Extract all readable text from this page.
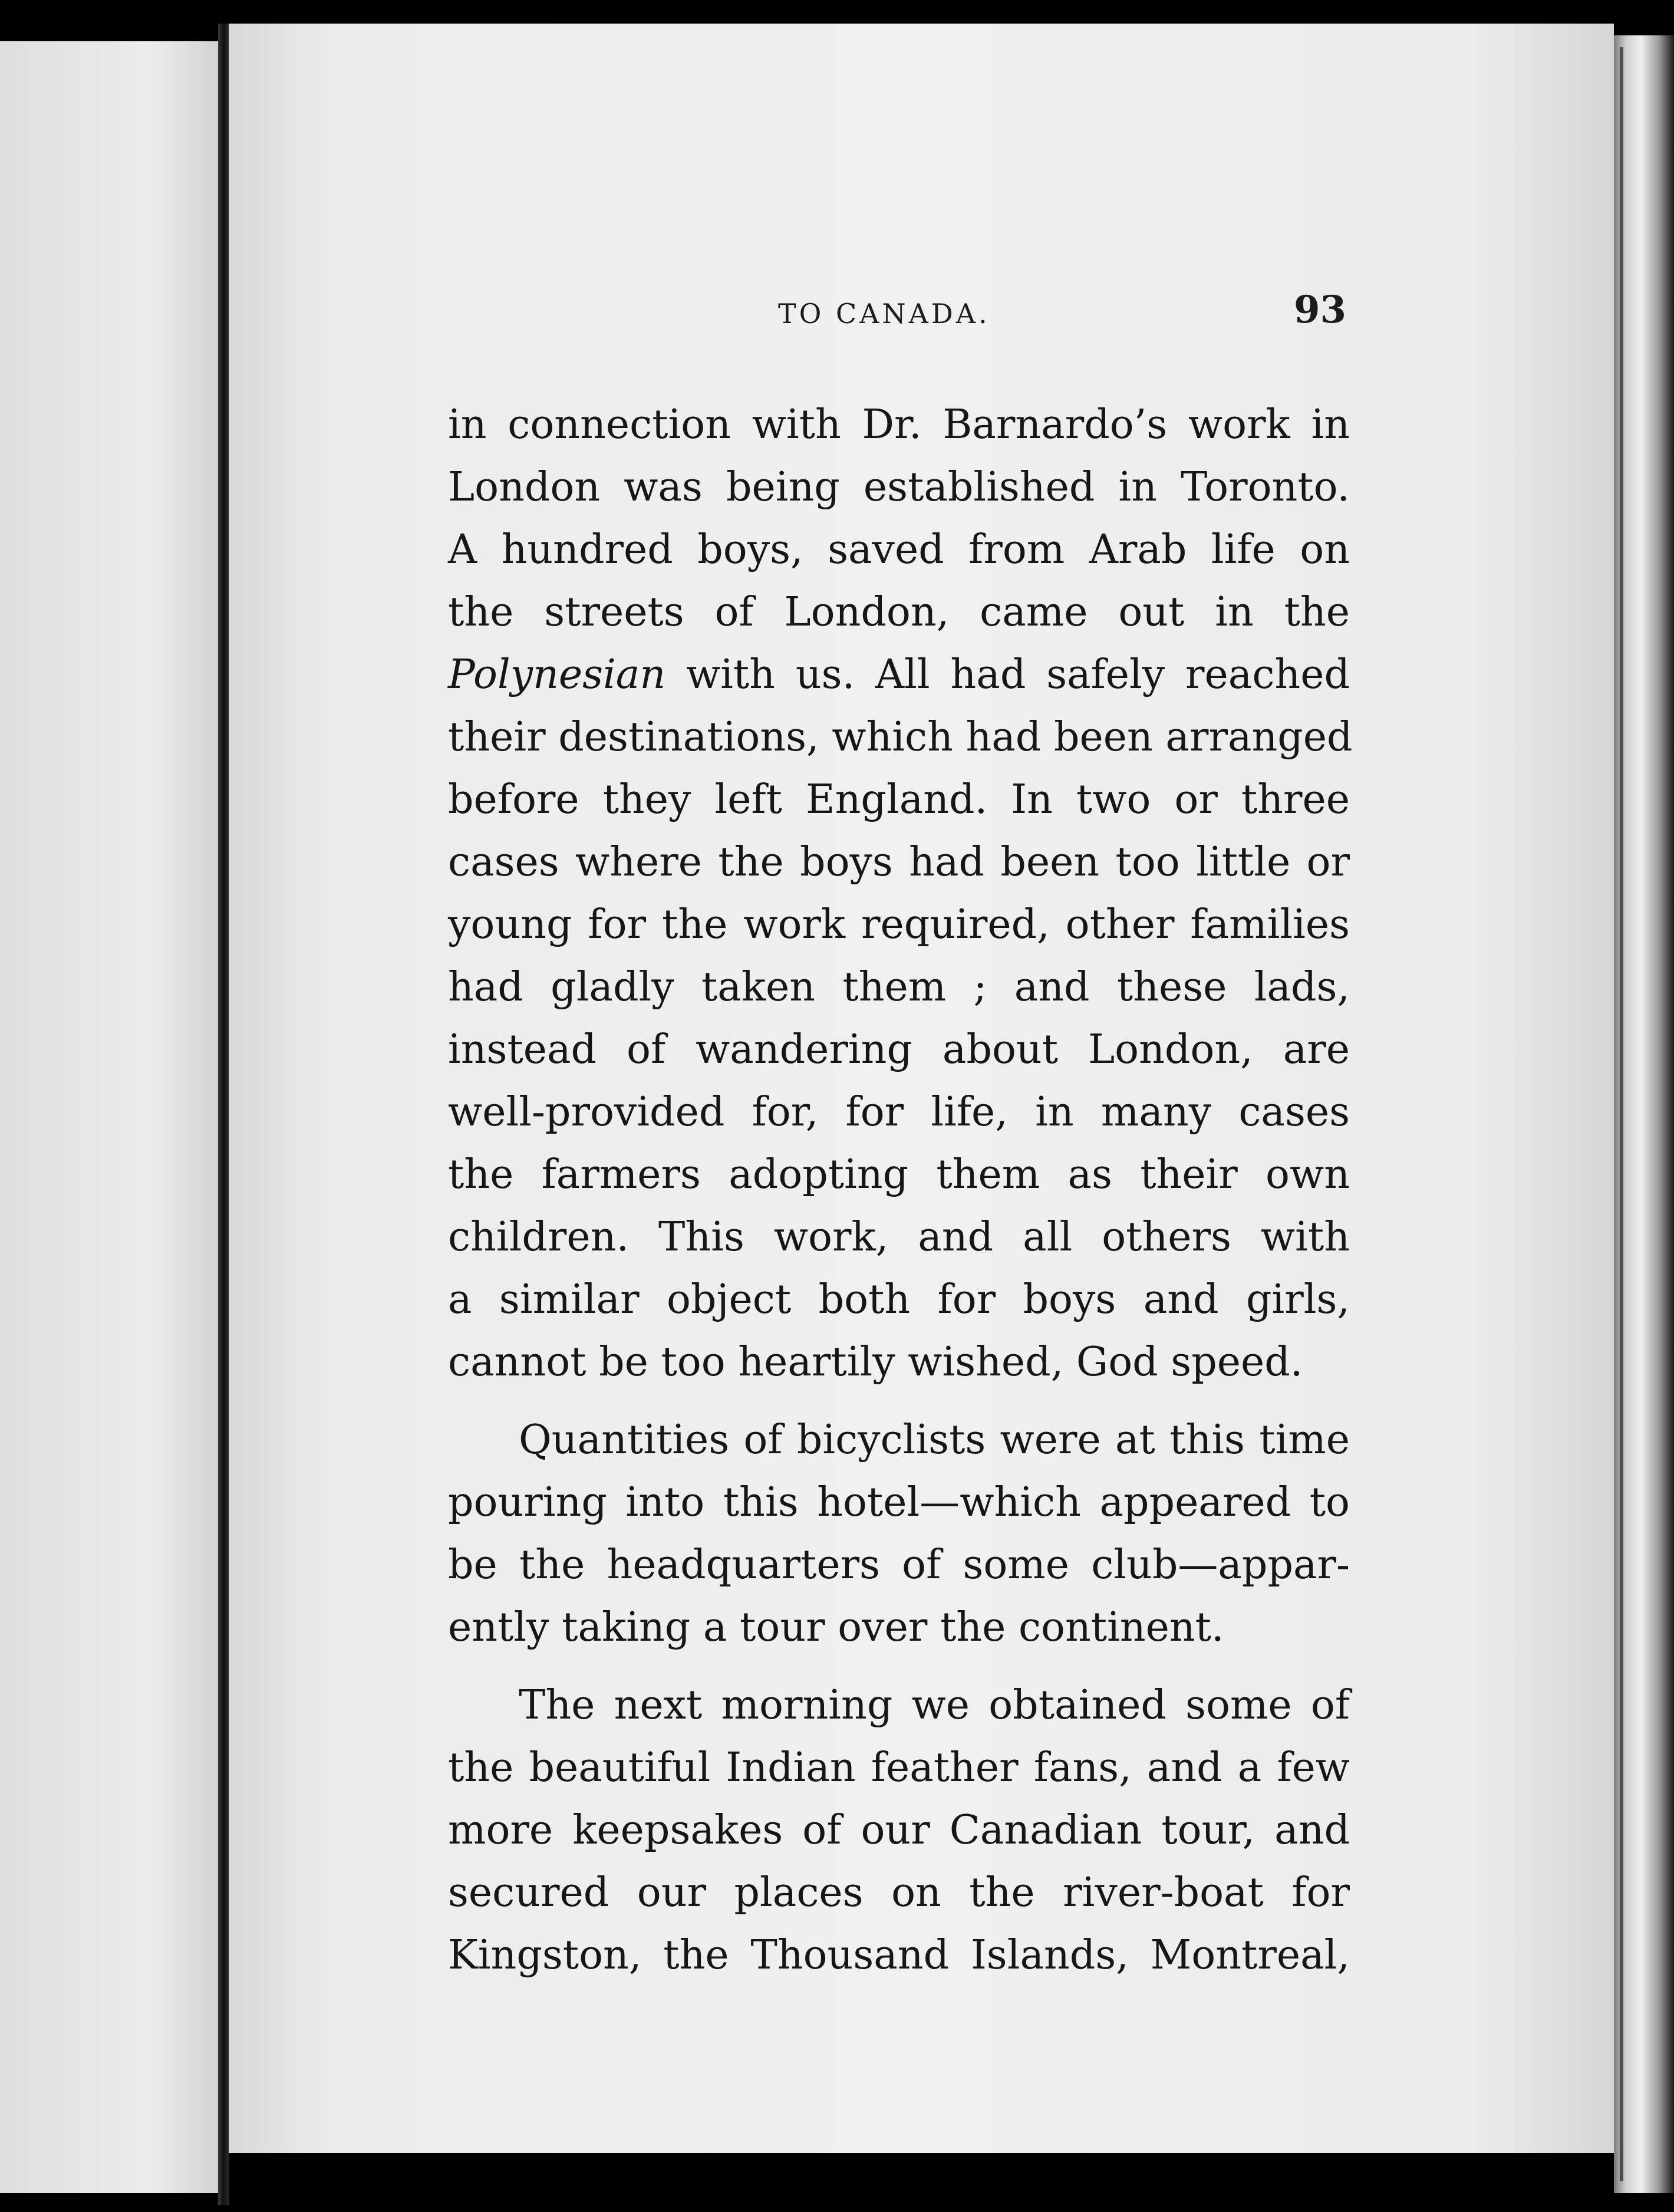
TO CANADA.	93
in connection with Dr. Barnardo’s work in
London was being established in Toronto.
A hundred boys, saved from Arab life on
the streets of London, came out in the
Polynesian with us. All had safely reached
their destinations, which had been arranged
before they left England. In two or three
cases where the boys had been too little or
young for the work required, other families
had gladly taken them ; and these lads,
instead of wandering about London, are
well-provided for, for life, in many cases
the farmers adopting them as their own
children. This work, and all others with
a similar object both for boys and girls,
cannot be too heartily wished, God speed.
Quantities of bicyclists were at this time
pouring into this hotel—which appeared to
be the headquarters of some club—appar-
ently taking a tour over the continent.
The next morning we obtained some of
the beautiful Indian feather fans, and a few
more keepsakes of our Canadian tour, and
secured our places on the river-boat for
Kingston, the Thousand Islands, Montreal,
